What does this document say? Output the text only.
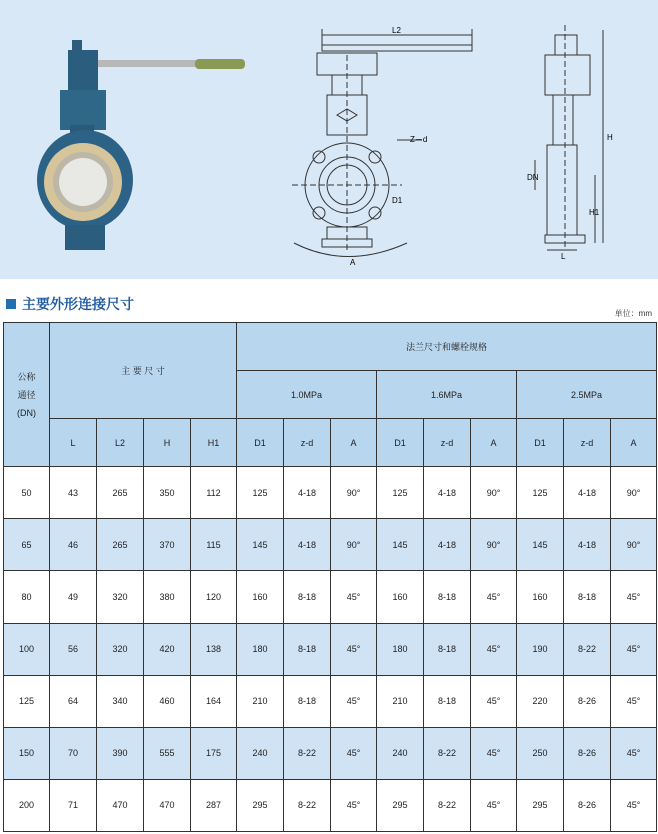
L2
Z－d
D1
A
H
H1
DN
L
主要外形连接尺寸
单位：mm
公称
通径
(DN)	主 要 尺 寸				法兰尺寸和螺栓规格								
					1.0MPa			1.6MPa			2.5MPa		
	L	L2	H	H1	D1	z-d	A	D1	z-d	A	D1	z-d	A
50	43	265	350	112	125	4-18	90°	125	4-18	90°	125	4-18	90°
65	46	265	370	115	145	4-18	90°	145	4-18	90°	145	4-18	90°
80	49	320	380	120	160	8-18	45°	160	8-18	45°	160	8-18	45°
100	56	320	420	138	180	8-18	45°	180	8-18	45°	190	8-22	45°
125	64	340	460	164	210	8-18	45°	210	8-18	45°	220	8-26	45°
150	70	390	555	175	240	8-22	45°	240	8-22	45°	250	8-26	45°
200	71	470	470	287	295	8-22	45°	295	8-22	45°	295	8-26	45°
